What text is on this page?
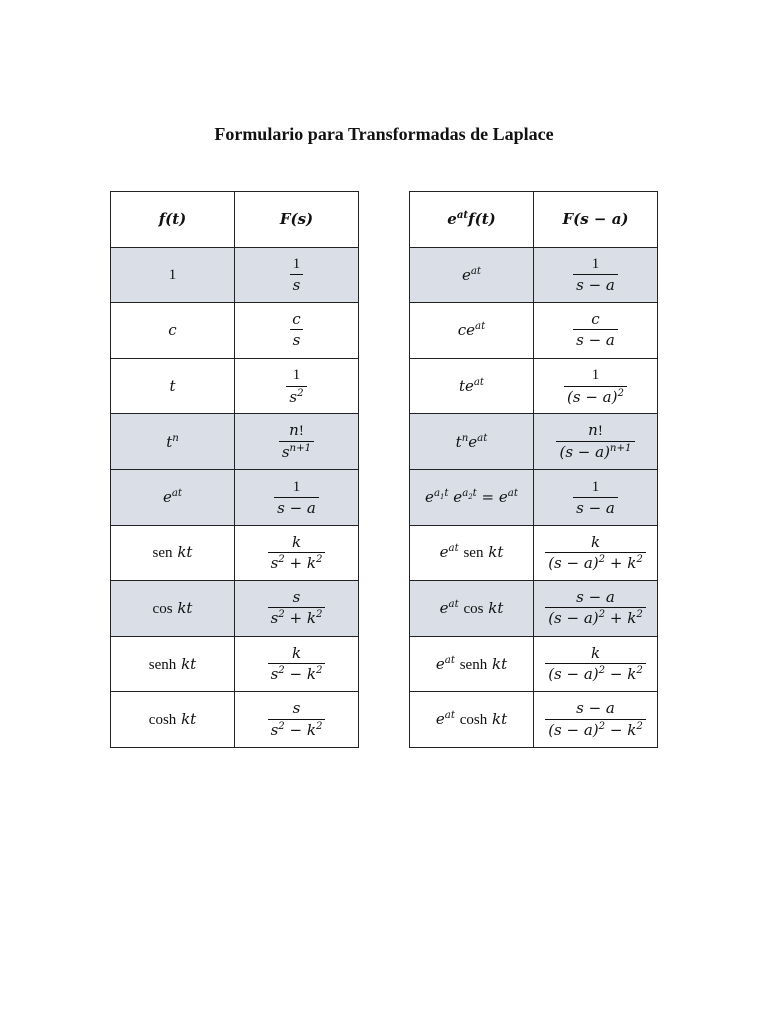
Formulario para Transformadas de Laplace
f(t)	F(s)
1	$\frac{1}{s}$

c	$\frac{c}{s}$

t	$\frac{1}{s^2}$

$t^n$	$\frac{n!}{s^{n+1}}$

$e^{at}$	$\frac{1}{s - a}$

sen kt	$\frac{k}{s^2 + k^2}$

cos kt	$\frac{s}{s^2 + k^2}$

senh kt	$\frac{k}{s^2 - k^2}$

cosh kt	$\frac{s}{s^2 - k^2}$
$e^{at}f(t)$	F(s − a)
$e^{at}$	$\frac{1}{s - a}$

$ce^{at}$	$\frac{c}{s - a}$

$te^{at}$	$\frac{1}{(s - a)^2}$

$t^ne^{at}$	$\frac{n!}{(s - a)^{n+1}}$

$e^{a_1t}$ $e^{a_2t} = e^{at}$	$\frac{1}{s - a}$

$e^{at}$ sen kt	$\frac{k}{(s - a)^2 + k^2}$

$e^{at}$ cos kt	$\frac{s - a}{(s - a)^2 + k^2}$

$e^{at}$ senh kt	$\frac{k}{(s - a)^2 - k^2}$

$e^{at}$ cosh kt	$\frac{s - a}{(s - a)^2 - k^2}$
